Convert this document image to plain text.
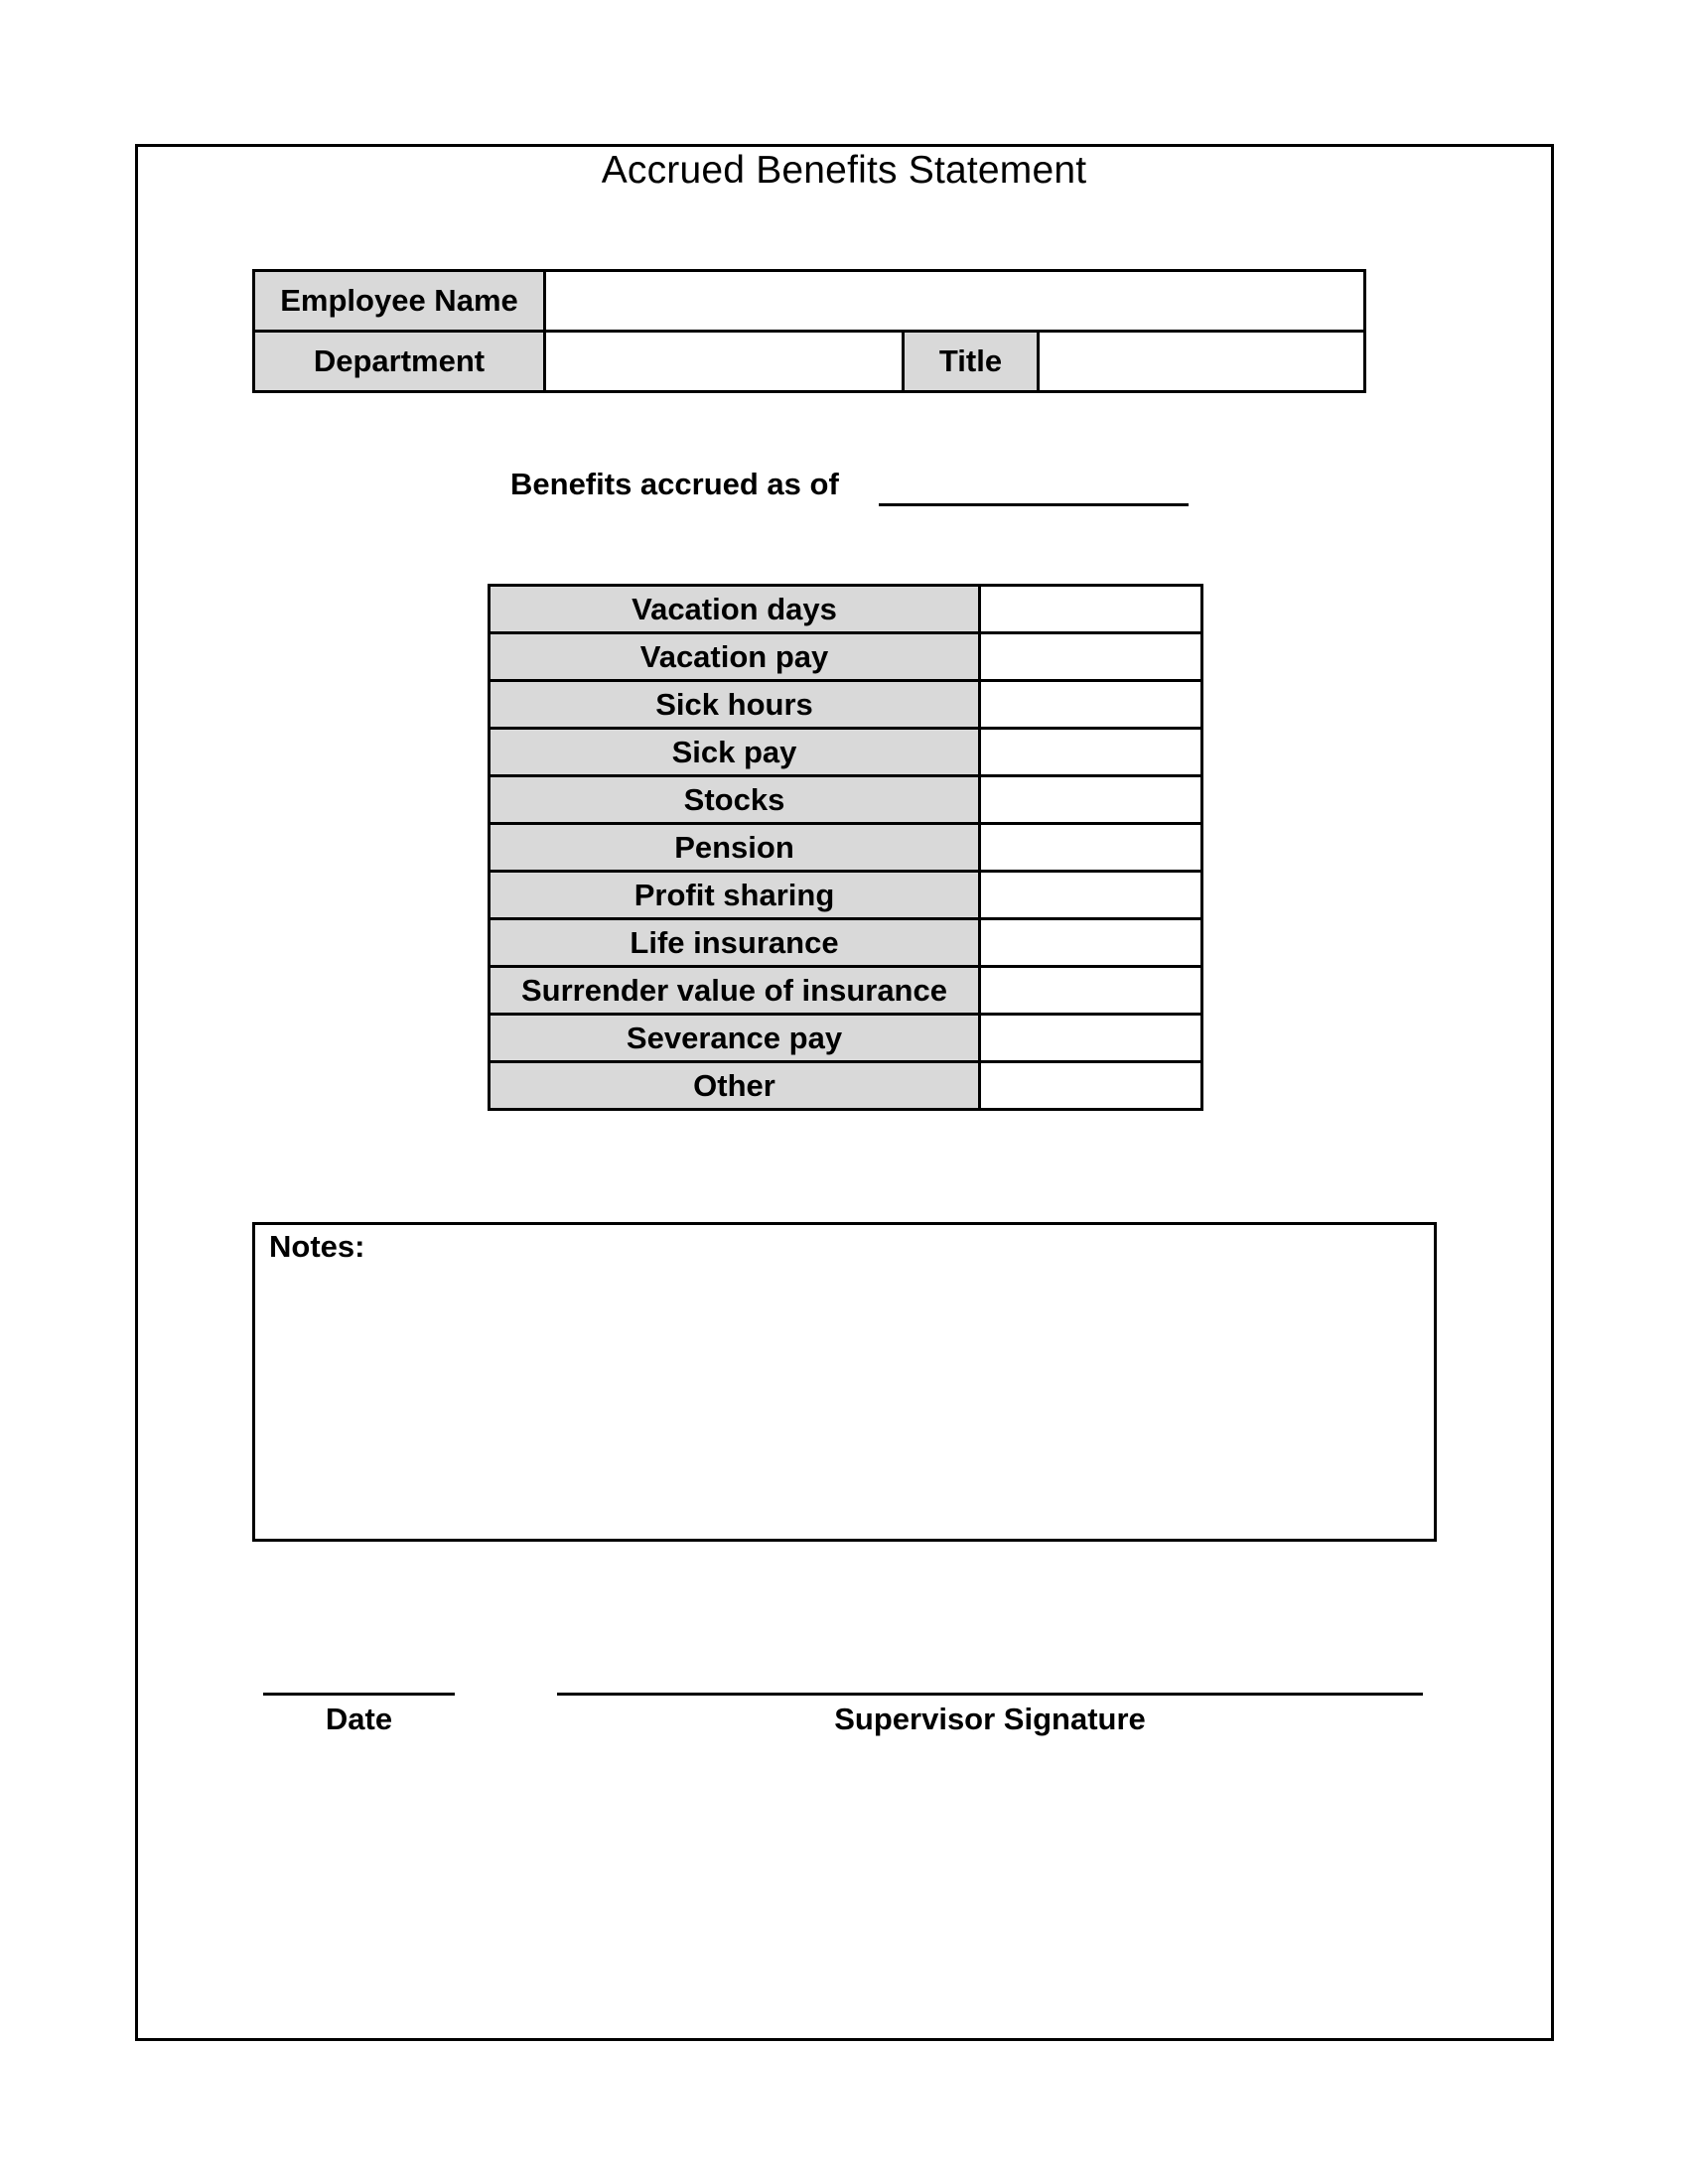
Accrued Benefits Statement
Employee Name			
Department		Title	
Benefits accrued as of
Vacation days	
Vacation pay	
Sick hours	
Sick pay	
Stocks	
Pension	
Profit sharing	
Life insurance	
Surrender value of insurance	
Severance pay	
Other	
Notes:
Date	Supervisor Signature
